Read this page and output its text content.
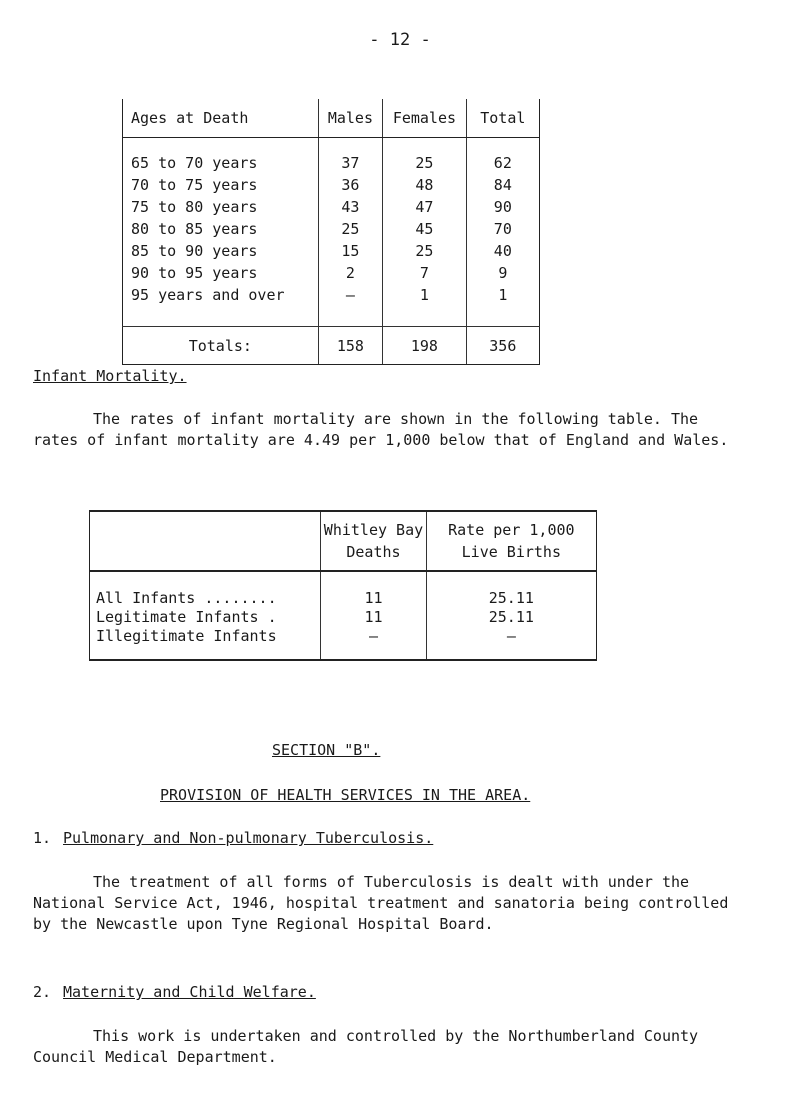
- 12 -
Ages at Death	Males	Females	Total

65 to 70 years	37	25	62
70 to 75 years	36	48	84
75 to 80 years	43	47	90
80 to 85 years	25	45	70
85 to 90 years	15	25	40
90 to 95 years	2	7	9
95 years and over	–	1	1

Totals:	158	198	356
Infant Mortality.

The rates of infant mortality are shown in the following table. The rates of infant mortality are 4.49 per 1,000 below that of England and Wales.

	Whitley Bay Deaths	Rate per 1,000 Live Births

All Infants ........	11	25.11
Legitimate Infants .	11	25.11
Illegitimate Infants	–	–

SECTION "B".
PROVISION OF HEALTH SERVICES IN THE AREA.
1. Pulmonary and Non-pulmonary Tuberculosis.

The treatment of all forms of Tuberculosis is dealt with under the National Service Act, 1946, hospital treatment and sanatoria being controlled by the Newcastle upon Tyne Regional Hospital Board.

2. Maternity and Child Welfare.

This work is undertaken and controlled by the Northumberland County Council Medical Department.
